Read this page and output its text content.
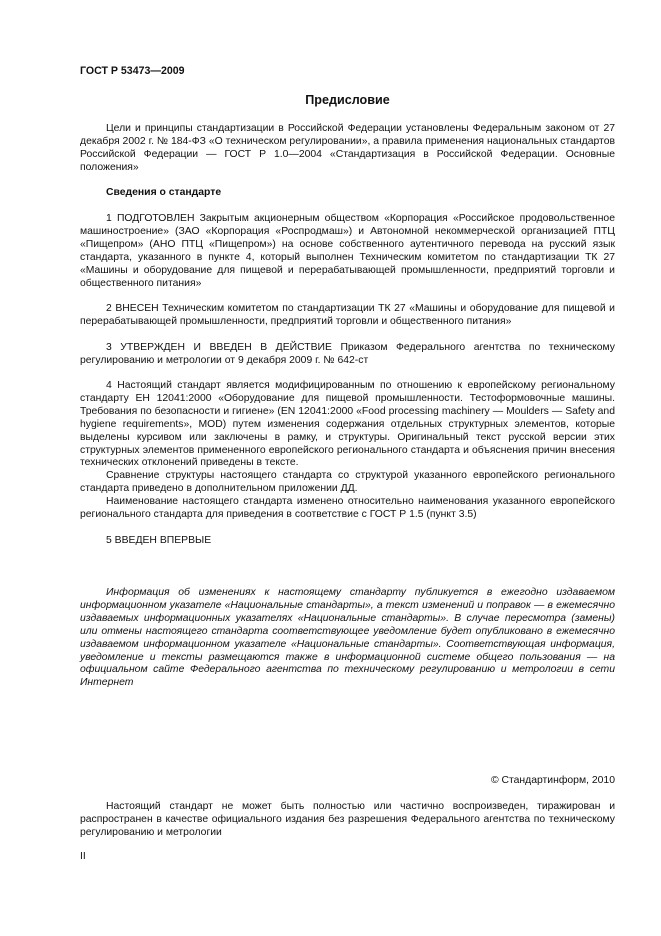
ГОСТ Р 53473—2009
Предисловие

Цели и принципы стандартизации в Российской Федерации установлены Федеральным законом от 27 декабря 2002 г. № 184-ФЗ «О техническом регулировании», а правила применения национальных стандартов Российской Федерации — ГОСТ Р 1.0—2004 «Стандартизация в Российской Федерации. Основные положения»

Сведения о стандарте

1 ПОДГОТОВЛЕН Закрытым акционерным обществом «Корпорация «Российское продовольственное машиностроение» (ЗАО «Корпорация «Роспродмаш») и Автономной некоммерческой организацией ПТЦ «Пищепром» (АНО ПТЦ «Пищепром») на основе собственного аутентичного перевода на русский язык стандарта, указанного в пункте 4, который выполнен Техническим комитетом по стандартизации ТК 27 «Машины и оборудование для пищевой и перерабатывающей промышленности, предприятий торговли и общественного питания»

2 ВНЕСЕН Техническим комитетом по стандартизации ТК 27 «Машины и оборудование для пищевой и перерабатывающей промышленности, предприятий торговли и общественного питания»

3 УТВЕРЖДЕН И ВВЕДЕН В ДЕЙСТВИЕ Приказом Федерального агентства по техническому регулированию и метрологии от 9 декабря 2009 г. № 642-ст

4 Настоящий стандарт является модифицированным по отношению к европейскому региональному стандарту ЕН 12041:2000 «Оборудование для пищевой промышленности. Тестоформовочные машины. Требования по безопасности и гигиене» (EN 12041:2000 «Food processing machinery — Moulders — Safety and hygiene requirements», MOD) путем изменения содержания отдельных структурных элементов, которые выделены курсивом или заключены в рамку, и структуры. Оригинальный текст русской версии этих структурных элементов примененного европейского регионального стандарта и объяснения причин внесения технических отклонений приведены в тексте.

Сравнение структуры настоящего стандарта со структурой указанного европейского регионального стандарта приведено в дополнительном приложении ДД.

Наименование настоящего стандарта изменено относительно наименования указанного европейского регионального стандарта для приведения в соответствие с ГОСТ Р 1.5 (пункт 3.5)

5 ВВЕДЕН ВПЕРВЫЕ

Информация об изменениях к настоящему стандарту публикуется в ежегодно издаваемом информационном указателе «Национальные стандарты», а текст изменений и поправок — в ежемесячно издаваемых информационных указателях «Национальные стандарты». В случае пересмотра (замены) или отмены настоящего стандарта соответствующее уведомление будет опубликовано в ежемесячно издаваемом информационном указателе «Национальные стандарты». Соответствующая информация, уведомление и тексты размещаются также в информационной системе общего пользования — на официальном сайте Федерального агентства по техническому регулированию и метрологии в сети Интернет

© Стандартинформ, 2010

Настоящий стандарт не может быть полностью или частично воспроизведен, тиражирован и распространен в качестве официального издания без разрешения Федерального агентства по техническому регулированию и метрологии

II
